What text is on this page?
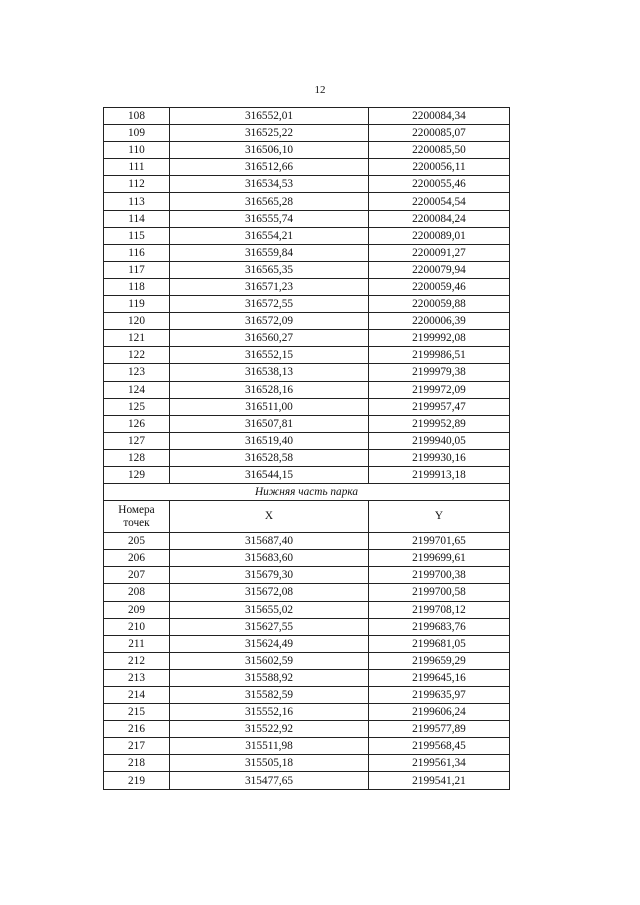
12
108	316552,01	2200084,34
109	316525,22	2200085,07
110	316506,10	2200085,50
111	316512,66	2200056,11
112	316534,53	2200055,46
113	316565,28	2200054,54
114	316555,74	2200084,24
115	316554,21	2200089,01
116	316559,84	2200091,27
117	316565,35	2200079,94
118	316571,23	2200059,46
119	316572,55	2200059,88
120	316572,09	2200006,39
121	316560,27	2199992,08
122	316552,15	2199986,51
123	316538,13	2199979,38
124	316528,16	2199972,09
125	316511,00	2199957,47
126	316507,81	2199952,89
127	316519,40	2199940,05
128	316528,58	2199930,16
129	316544,15	2199913,18
Нижняя часть парка		
Номера точек	X	Y
205	315687,40	2199701,65
206	315683,60	2199699,61
207	315679,30	2199700,38
208	315672,08	2199700,58
209	315655,02	2199708,12
210	315627,55	2199683,76
211	315624,49	2199681,05
212	315602,59	2199659,29
213	315588,92	2199645,16
214	315582,59	2199635,97
215	315552,16	2199606,24
216	315522,92	2199577,89
217	315511,98	2199568,45
218	315505,18	2199561,34
219	315477,65	2199541,21
